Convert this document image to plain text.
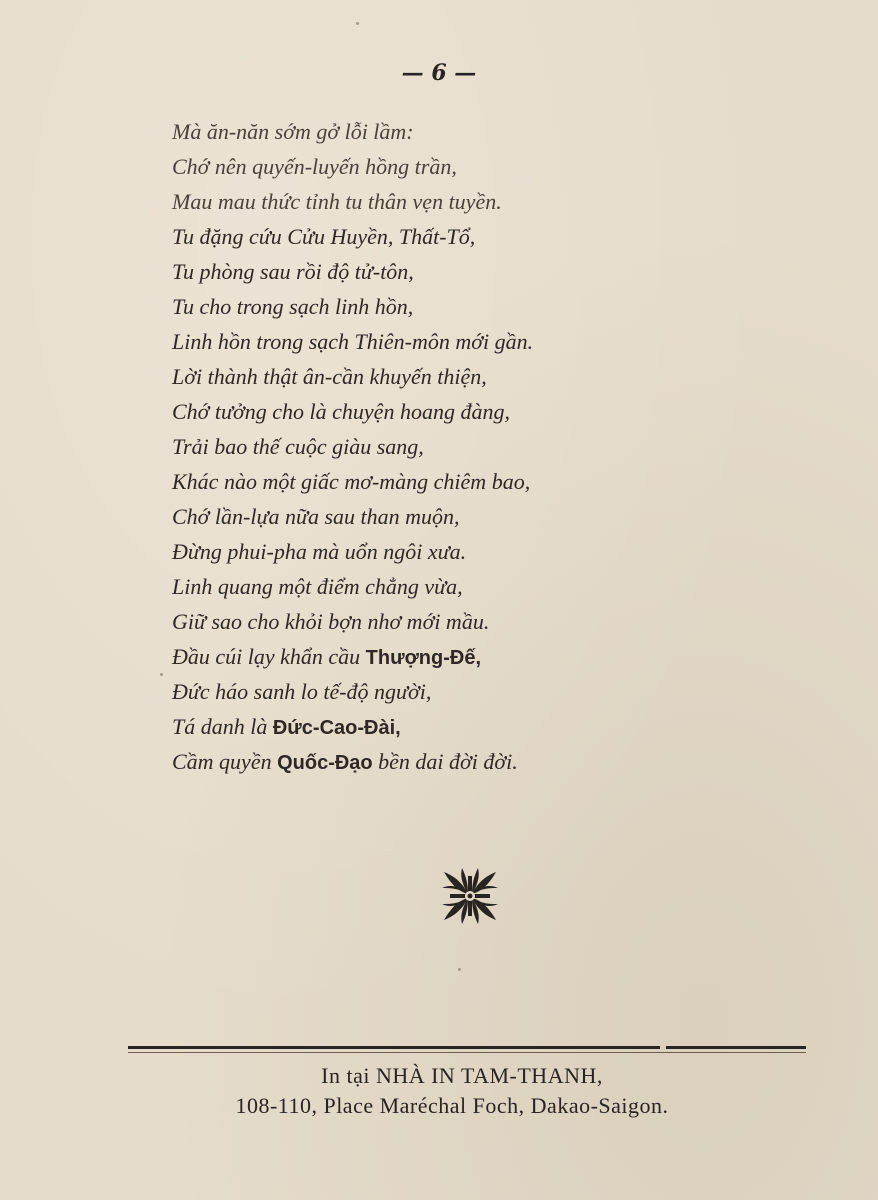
— 6 —
Mà ăn-năn sớm gở lỗi lầm:
Chớ nên quyến-luyến hồng trần,
Mau mau thức tỉnh tu thân vẹn tuyền.
Tu đặng cứu Cửu Huyền, Thất-Tổ,
Tu phòng sau rồi độ tử-tôn,
Tu cho trong sạch linh hồn,
Linh hồn trong sạch Thiên-môn mới gần.
Lời thành thật ân-cần khuyến thiện,
Chớ tưởng cho là chuyện hoang đàng,
Trải bao thế cuộc giàu sang,
Khác nào một giấc mơ-màng chiêm bao,
Chớ lần-lựa nữa sau than muộn,
Đừng phui-pha mà uổn ngôi xưa.
Linh quang một điểm chẳng vừa,
Giữ sao cho khỏi bợn nhơ mới mầu.
Đầu cúi lạy khẩn cầu Thượng-Đế,
Đức háo sanh lo tế-độ người,
Tá danh là Đức-Cao-Đài,
Cầm quyền Quốc-Đạo bền dai đời đời.
In tại NHÀ IN TAM-THANH,
108-110, Place Maréchal Foch, Dakao-Saigon.
